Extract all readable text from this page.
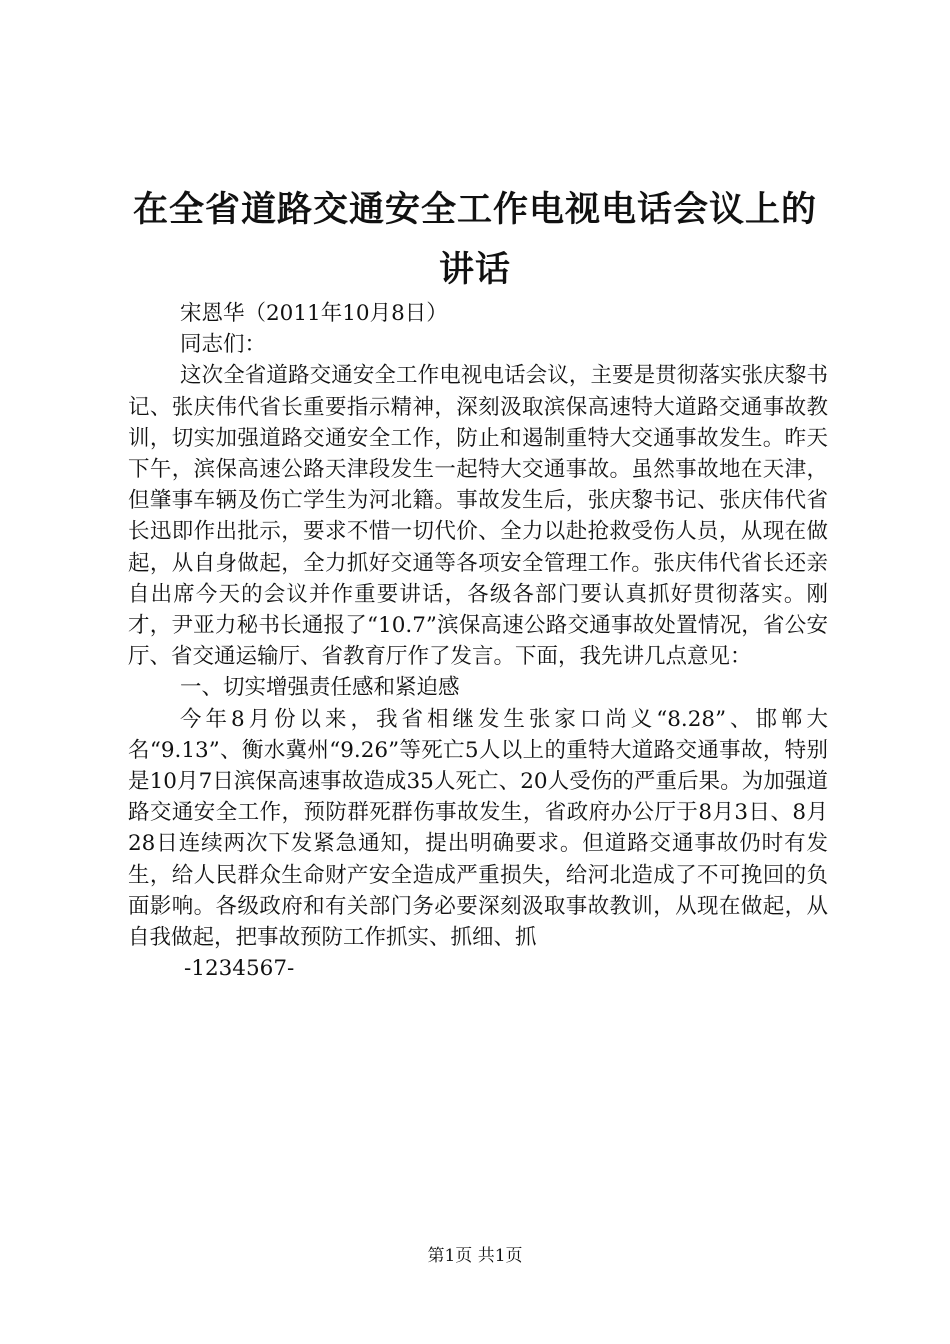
在全省道路交通安全工作电视电话会议上的讲话

宋恩华（2011年10月8日）

同志们：

这次全省道路交通安全工作电视电话会议，主要是贯彻落实张庆黎书记、张庆伟代省长重要指示精神，深刻汲取滨保高速特大道路交通事故教训，切实加强道路交通安全工作，防止和遏制重特大交通事故发生。昨天下午，滨保高速公路天津段发生一起特大交通事故。虽然事故地在天津，但肇事车辆及伤亡学生为河北籍。事故发生后，张庆黎书记、张庆伟代省长迅即作出批示，要求不惜一切代价、全力以赴抢救受伤人员，从现在做起，从自身做起，全力抓好交通等各项安全管理工作。张庆伟代省长还亲自出席今天的会议并作重要讲话，各级各部门要认真抓好贯彻落实。刚才，尹亚力秘书长通报了“10.7”滨保高速公路交通事故处置情况，省公安厅、省交通运输厅、省教育厅作了发言。下面，我先讲几点意见：

一、切实增强责任感和紧迫感

今年8月份以来，我省相继发生张家口尚义“8.28”、邯郸大名“9.13”、衡水冀州“9.26”等死亡5人以上的重特大道路交通事故，特别是10月7日滨保高速事故造成35人死亡、20人受伤的严重后果。为加强道路交通安全工作，预防群死群伤事故发生，省政府办公厅于8月3日、8月28日连续两次下发紧急通知，提出明确要求。但道路交通事故仍时有发生，给人民群众生命财产安全造成严重损失，给河北造成了不可挽回的负面影响。各级政府和有关部门务必要深刻汲取事故教训，从现在做起，从自我做起，把事故预防工作抓实、抓细、抓

-1234567-

第1页 共1页
